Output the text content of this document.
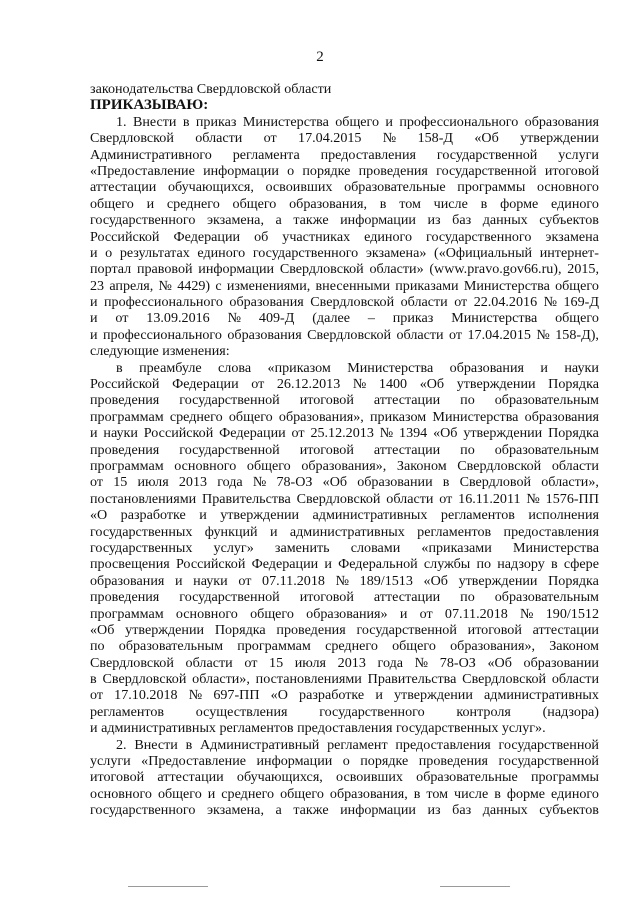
2
законодательства Свердловской области
ПРИКАЗЫВАЮ:
1. Внести в приказ Министерства общего и профессионального образования
Свердловской области от 17.04.2015 № 158-Д «Об утверждении
Административного регламента предоставления государственной услуги
«Предоставление информации о порядке проведения государственной итоговой
аттестации обучающихся, освоивших образовательные программы основного
общего и среднего общего образования, в том числе в форме единого
государственного экзамена, а также информации из баз данных субъектов
Российской Федерации об участниках единого государственного экзамена
и о результатах единого государственного экзамена» («Официальный интернет-
портал правовой информации Свердловской области» (www.pravo.gov66.ru), 2015,
23 апреля, № 4429) с изменениями, внесенными приказами Министерства общего
и профессионального образования Свердловской области от 22.04.2016 № 169-Д
и от 13.09.2016 № 409-Д (далее – приказ Министерства общего
и профессионального образования Свердловской области от 17.04.2015 № 158-Д),
следующие изменения:
в преамбуле слова «приказом Министерства образования и науки
Российской Федерации от 26.12.2013 № 1400 «Об утверждении Порядка
проведения государственной итоговой аттестации по образовательным
программам среднего общего образования», приказом Министерства образования
и науки Российской Федерации от 25.12.2013 № 1394 «Об утверждении Порядка
проведения государственной итоговой аттестации по образовательным
программам основного общего образования», Законом Свердловской области
от 15 июля 2013 года № 78-ОЗ «Об образовании в Свердловой области»,
постановлениями Правительства Свердловской области от 16.11.2011 № 1576-ПП
«О разработке и утверждении административных регламентов исполнения
государственных функций и административных регламентов предоставления
государственных услуг» заменить словами «приказами Министерства
просвещения Российской Федерации и Федеральной службы по надзору в сфере
образования и науки от 07.11.2018 № 189/1513 «Об утверждении Порядка
проведения государственной итоговой аттестации по образовательным
программам основного общего образования» и от 07.11.2018 № 190/1512
«Об утверждении Порядка проведения государственной итоговой аттестации
по образовательным программам среднего общего образования», Законом
Свердловской области от 15 июля 2013 года № 78-ОЗ «Об образовании
в Свердловской области», постановлениями Правительства Свердловской области
от 17.10.2018 № 697-ПП «О разработке и утверждении административных
регламентов осуществления государственного контроля (надзора)
и административных регламентов предоставления государственных услуг».
2. Внести в Административный регламент предоставления государственной
услуги «Предоставление информации о порядке проведения государственной
итоговой аттестации обучающихся, освоивших образовательные программы
основного общего и среднего общего образования, в том числе в форме единого
государственного экзамена, а также информации из баз данных субъектов
